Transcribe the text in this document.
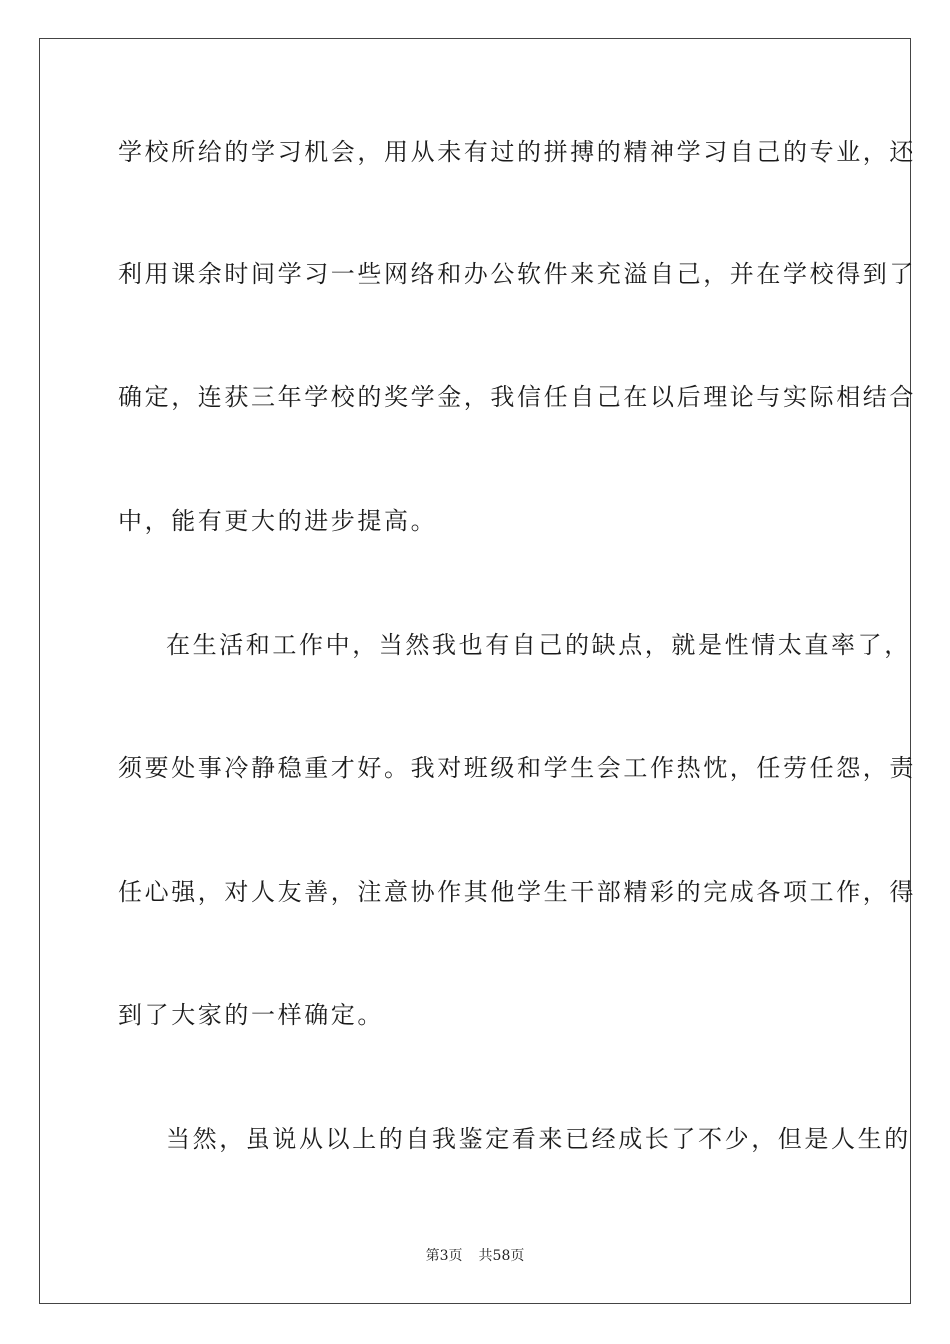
学校所给的学习机会，用从未有过的拼搏的精神学习自己的专业，还
利用课余时间学习一些网络和办公软件来充溢自己，并在学校得到了
确定，连获三年学校的奖学金，我信任自己在以后理论与实际相结合
中，能有更大的进步提高。
在生活和工作中，当然我也有自己的缺点，就是性情太直率了，
须要处事冷静稳重才好。我对班级和学生会工作热忱，任劳任怨，责
任心强，对人友善，注意协作其他学生干部精彩的完成各项工作，得
到了大家的一样确定。
当然，虽说从以上的自我鉴定看来已经成长了不少，但是人生的
第3页 共58页
